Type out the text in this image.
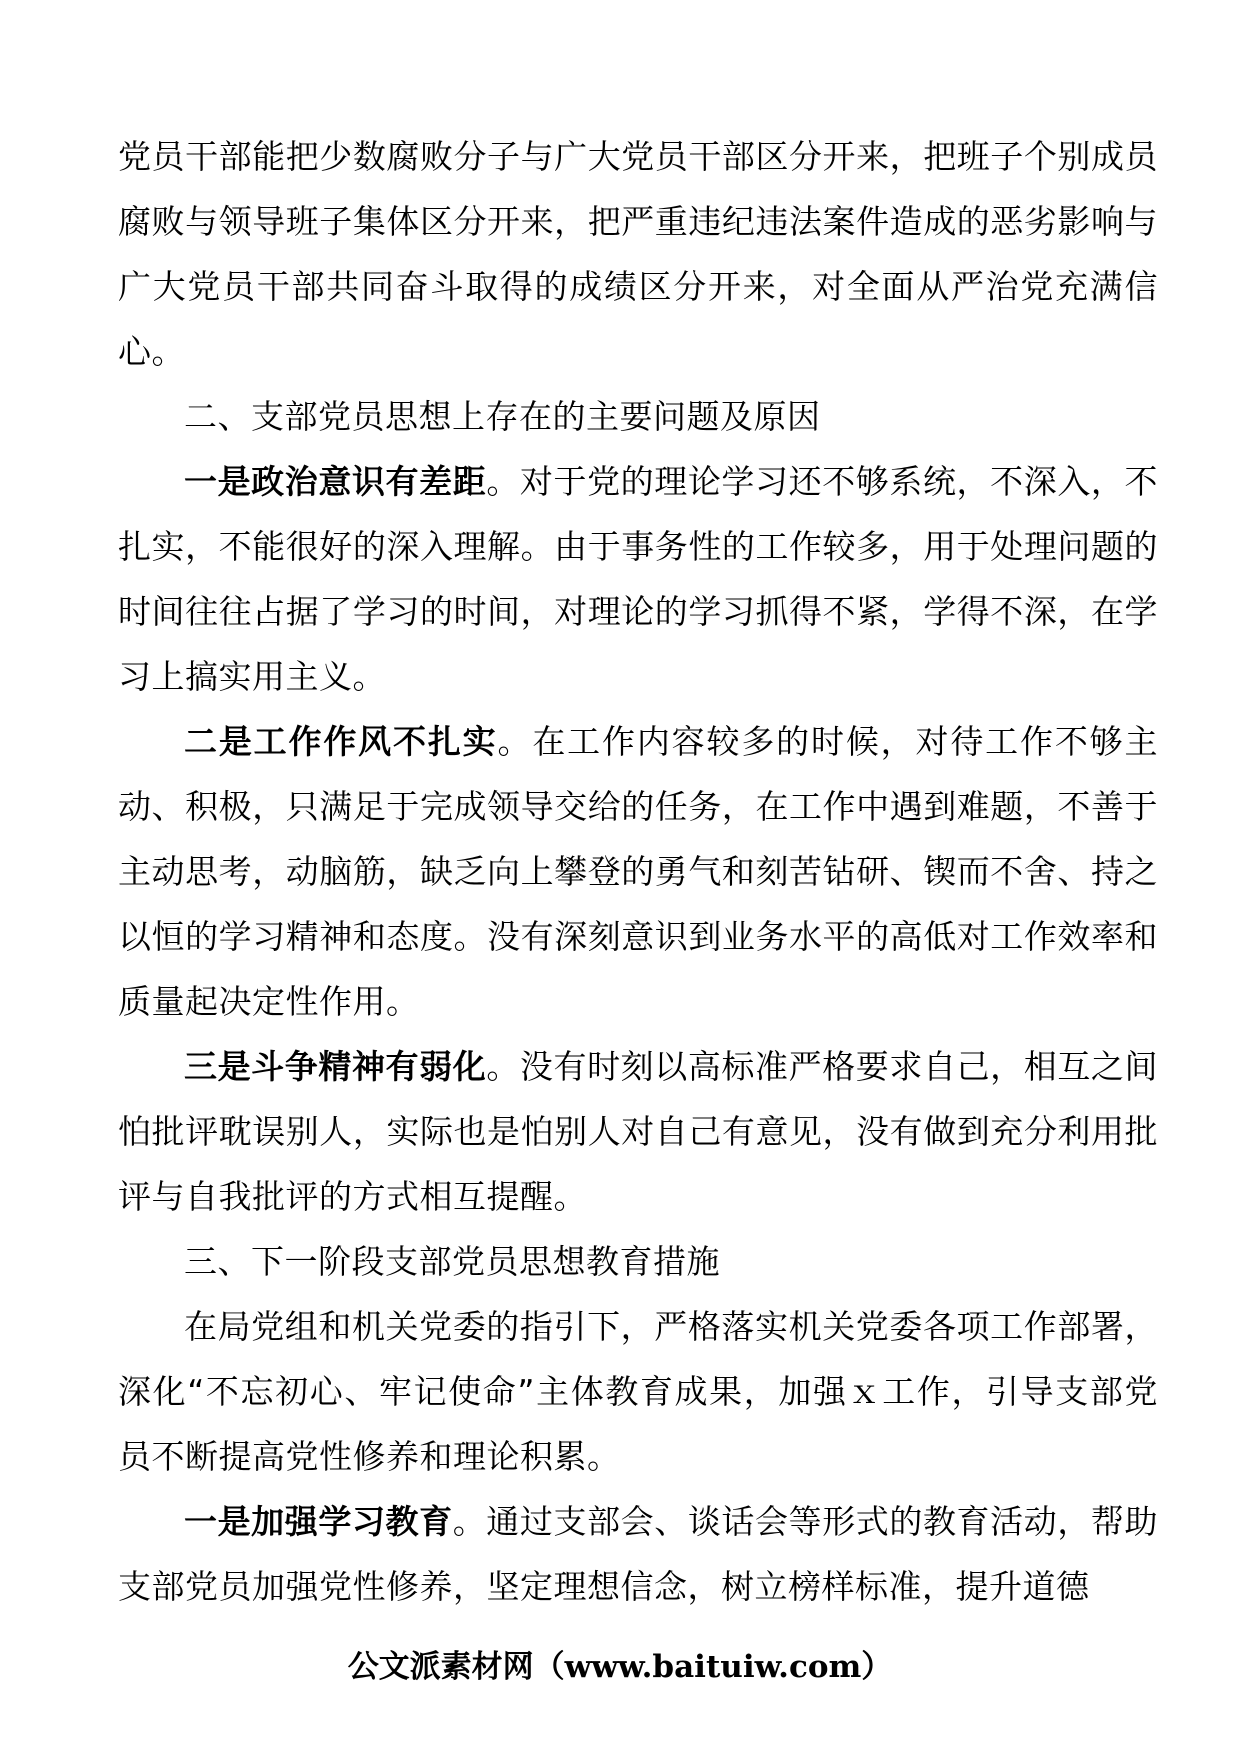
党员干部能把少数腐败分子与广大党员干部区分开来，把班子个别成员腐败与领导班子集体区分开来，把严重违纪违法案件造成的恶劣影响与广大党员干部共同奋斗取得的成绩区分开来，对全面从严治党充满信心。

二、支部党员思想上存在的主要问题及原因

一是政治意识有差距。对于党的理论学习还不够系统，不深入，不扎实，不能很好的深入理解。由于事务性的工作较多，用于处理问题的时间往往占据了学习的时间，对理论的学习抓得不紧，学得不深，在学习上搞实用主义。

二是工作作风不扎实。在工作内容较多的时候，对待工作不够主动、积极，只满足于完成领导交给的任务，在工作中遇到难题，不善于主动思考，动脑筋，缺乏向上攀登的勇气和刻苦钻研、锲而不舍、持之以恒的学习精神和态度。没有深刻意识到业务水平的高低对工作效率和质量起决定性作用。

三是斗争精神有弱化。没有时刻以高标准严格要求自己，相互之间怕批评耽误别人，实际也是怕别人对自己有意见，没有做到充分利用批评与自我批评的方式相互提醒。

三、下一阶段支部党员思想教育措施

在局党组和机关党委的指引下，严格落实机关党委各项工作部署，深化“不忘初心、牢记使命”主体教育成果，加强ｘ工作，引导支部党员不断提高党性修养和理论积累。

一是加强学习教育。通过支部会、谈话会等形式的教育活动，帮助支部党员加强党性修养，坚定理想信念，树立榜样标准，提升道德

公文派素材网（www.baituiw.com）
